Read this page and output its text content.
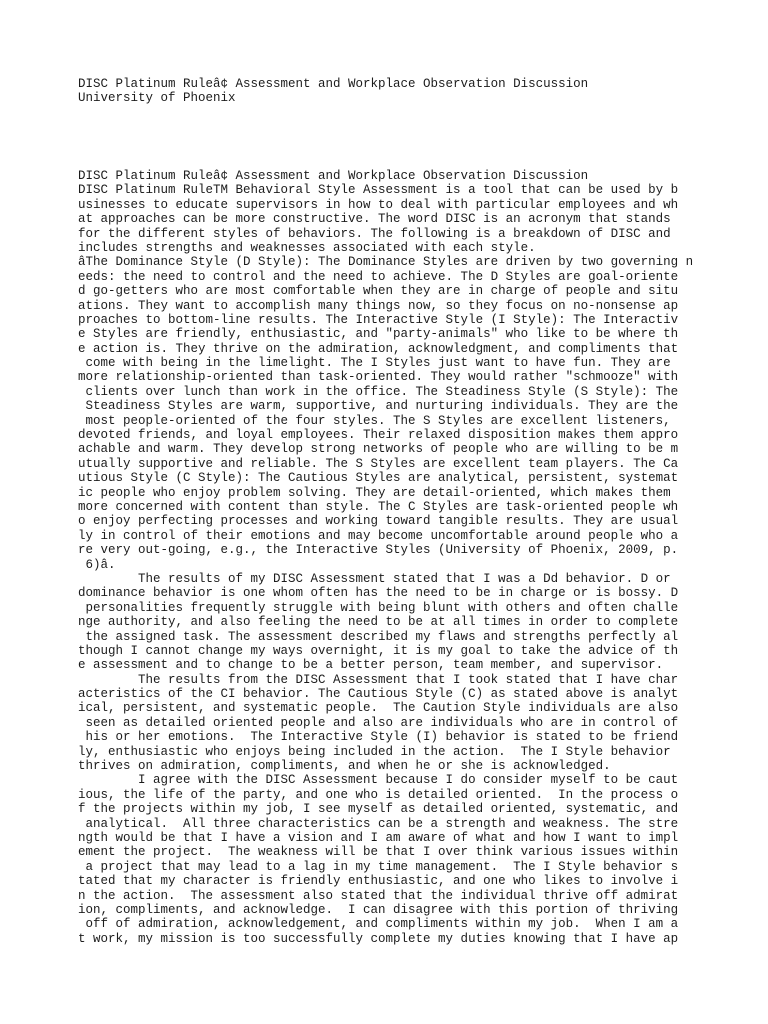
DISC Platinum Ruleâ¢ Assessment and Workplace Observation Discussion
University of Phoenix
DISC Platinum Ruleâ¢ Assessment and Workplace Observation Discussion
DISC Platinum RuleTM Behavioral Style Assessment is a tool that can be used by b
usinesses to educate supervisors in how to deal with particular employees and wh
at approaches can be more constructive. The word DISC is an acronym that stands
for the different styles of behaviors. The following is a breakdown of DISC and
includes strengths and weaknesses associated with each style.
âThe Dominance Style (D Style): The Dominance Styles are driven by two governing n
eeds: the need to control and the need to achieve. The D Styles are goal-oriente
d go-getters who are most comfortable when they are in charge of people and situ
ations. They want to accomplish many things now, so they focus on no-nonsense ap
proaches to bottom-line results. The Interactive Style (I Style): The Interactiv
e Styles are friendly, enthusiastic, and "party-animals" who like to be where th
e action is. They thrive on the admiration, acknowledgment, and compliments that
come with being in the limelight. The I Styles just want to have fun. They are
more relationship-oriented than task-oriented. They would rather "schmooze" with
clients over lunch than work in the office. The Steadiness Style (S Style): The
Steadiness Styles are warm, supportive, and nurturing individuals. They are the
most people-oriented of the four styles. The S Styles are excellent listeners,
devoted friends, and loyal employees. Their relaxed disposition makes them appro
achable and warm. They develop strong networks of people who are willing to be m
utually supportive and reliable. The S Styles are excellent team players. The Ca
utious Style (C Style): The Cautious Styles are analytical, persistent, systemat
ic people who enjoy problem solving. They are detail-oriented, which makes them
more concerned with content than style. The C Styles are task-oriented people wh
o enjoy perfecting processes and working toward tangible results. They are usual
ly in control of their emotions and may become uncomfortable around people who a
re very out-going, e.g., the Interactive Styles (University of Phoenix, 2009, p.
6)â.
The results of my DISC Assessment stated that I was a Dd behavior. D or
dominance behavior is one whom often has the need to be in charge or is bossy. D
personalities frequently struggle with being blunt with others and often challe
nge authority, and also feeling the need to be at all times in order to complete
the assigned task. The assessment described my flaws and strengths perfectly al
though I cannot change my ways overnight, it is my goal to take the advice of th
e assessment and to change to be a better person, team member, and supervisor.
The results from the DISC Assessment that I took stated that I have char
acteristics of the CI behavior. The Cautious Style (C) as stated above is analyt
ical, persistent, and systematic people.  The Caution Style individuals are also
seen as detailed oriented people and also are individuals who are in control of
his or her emotions.  The Interactive Style (I) behavior is stated to be friend
ly, enthusiastic who enjoys being included in the action.  The I Style behavior
thrives on admiration, compliments, and when he or she is acknowledged.
I agree with the DISC Assessment because I do consider myself to be caut
ious, the life of the party, and one who is detailed oriented.  In the process o
f the projects within my job, I see myself as detailed oriented, systematic, and
analytical.  All three characteristics can be a strength and weakness. The stre
ngth would be that I have a vision and I am aware of what and how I want to impl
ement the project.  The weakness will be that I over think various issues within
a project that may lead to a lag in my time management.  The I Style behavior s
tated that my character is friendly enthusiastic, and one who likes to involve i
n the action.  The assessment also stated that the individual thrive off admirat
ion, compliments, and acknowledge.  I can disagree with this portion of thriving
off of admiration, acknowledgement, and compliments within my job.  When I am a
t work, my mission is too successfully complete my duties knowing that I have ap
